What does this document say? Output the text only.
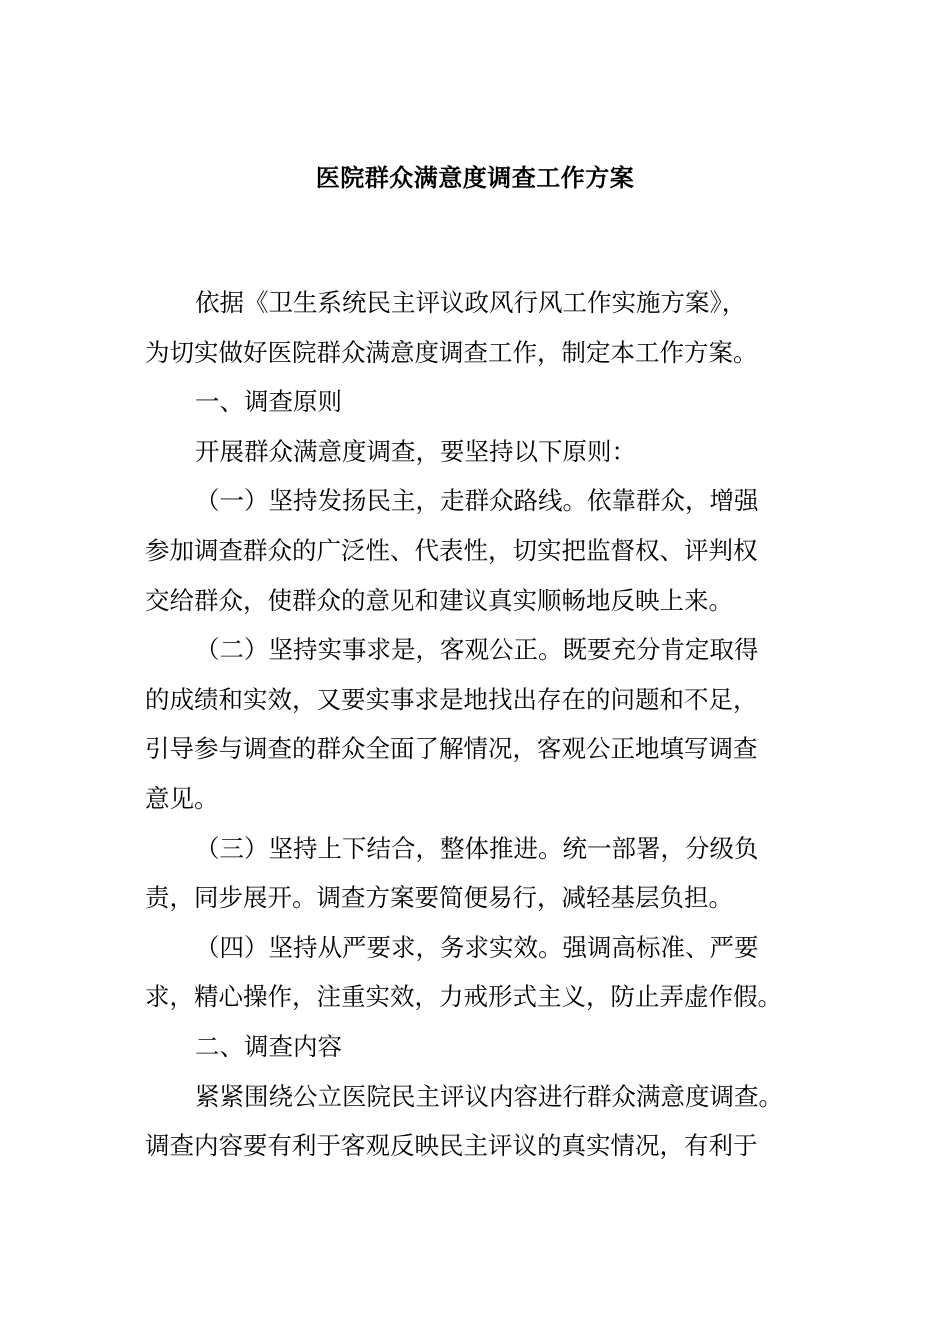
医院群众满意度调查工作方案
依据《卫生系统民主评议政风行风工作实施方案》，
为切实做好医院群众满意度调查工作，制定本工作方案。
一、调查原则
开展群众满意度调查，要坚持以下原则：
（一）坚持发扬民主，走群众路线。依靠群众，增强
参加调查群众的广泛性、代表性，切实把监督权、评判权
交给群众，使群众的意见和建议真实顺畅地反映上来。
（二）坚持实事求是，客观公正。既要充分肯定取得
的成绩和实效，又要实事求是地找出存在的问题和不足，
引导参与调查的群众全面了解情况，客观公正地填写调查
意见。
（三）坚持上下结合，整体推进。统一部署，分级负
责，同步展开。调查方案要简便易行，减轻基层负担。
（四）坚持从严要求，务求实效。强调高标准、严要
求，精心操作，注重实效，力戒形式主义，防止弄虚作假。
二、调查内容
紧紧围绕公立医院民主评议内容进行群众满意度调查。
调查内容要有利于客观反映民主评议的真实情况，有利于
